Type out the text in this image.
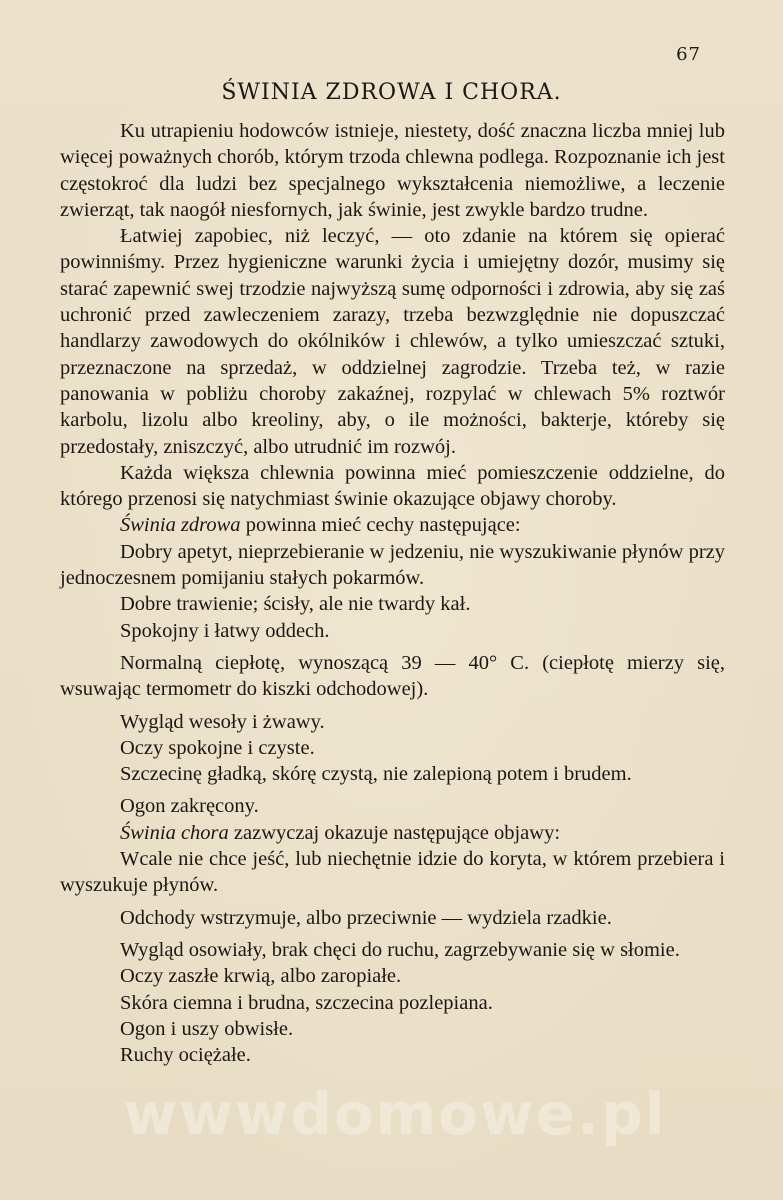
67
ŚWINIA ZDROWA I CHORA.

Ku utrapieniu hodowców istnieje, niestety, dość znaczna liczba mniej lub więcej poważnych chorób, którym trzoda chlewna podlega. Rozpoznanie ich jest częstokroć dla ludzi bez specjalnego wykształcenia niemożliwe, a leczenie zwierząt, tak naogół niesfornych, jak świnie, jest zwykle bardzo trudne.

Łatwiej zapobiec, niż leczyć, — oto zdanie na którem się opierać powinniśmy. Przez hygieniczne warunki życia i umiejętny dozór, musimy się starać zapewnić swej trzodzie najwyższą sumę odporności i zdrowia, aby się zaś uchronić przed zawleczeniem zarazy, trzeba bezwzględnie nie dopuszczać handlarzy zawodowych do okólników i chlewów, a tylko umieszczać sztuki, przeznaczone na sprzedaż, w oddzielnej zagrodzie. Trzeba też, w razie panowania w pobliżu choroby zakaźnej, rozpylać w chlewach 5% roztwór karbolu, lizolu albo kreoliny, aby, o ile możności, bakterje, któreby się przedostały, zniszczyć, albo utrudnić im rozwój.

Każda większa chlewnia powinna mieć pomieszczenie oddzielne, do którego przenosi się natychmiast świnie okazujące objawy choroby.

Świnia zdrowa powinna mieć cechy następujące:

Dobry apetyt, nieprzebieranie w jedzeniu, nie wyszukiwanie płynów przy jednoczesnem pomijaniu stałych pokarmów.

Dobre trawienie; ścisły, ale nie twardy kał.

Spokojny i łatwy oddech.

Normalną ciepłotę, wynoszącą 39 — 40° C. (ciepłotę mierzy się, wsuwając termometr do kiszki odchodowej).

Wygląd wesoły i żwawy.

Oczy spokojne i czyste.

Szczecinę gładką, skórę czystą, nie zalepioną potem i brudem.

Ogon zakręcony.

Świnia chora zazwyczaj okazuje następujące objawy:

Wcale nie chce jeść, lub niechętnie idzie do koryta, w którem przebiera i wyszukuje płynów.

Odchody wstrzymuje, albo przeciwnie — wydziela rzadkie.

Wygląd osowiały, brak chęci do ruchu, zagrzebywanie się w słomie.

Oczy zaszłe krwią, albo zaropiałe.

Skóra ciemna i brudna, szczecina pozlepiana.

Ogon i uszy obwisłe.

Ruchy ociężałe.

wwwdomowe.pl
